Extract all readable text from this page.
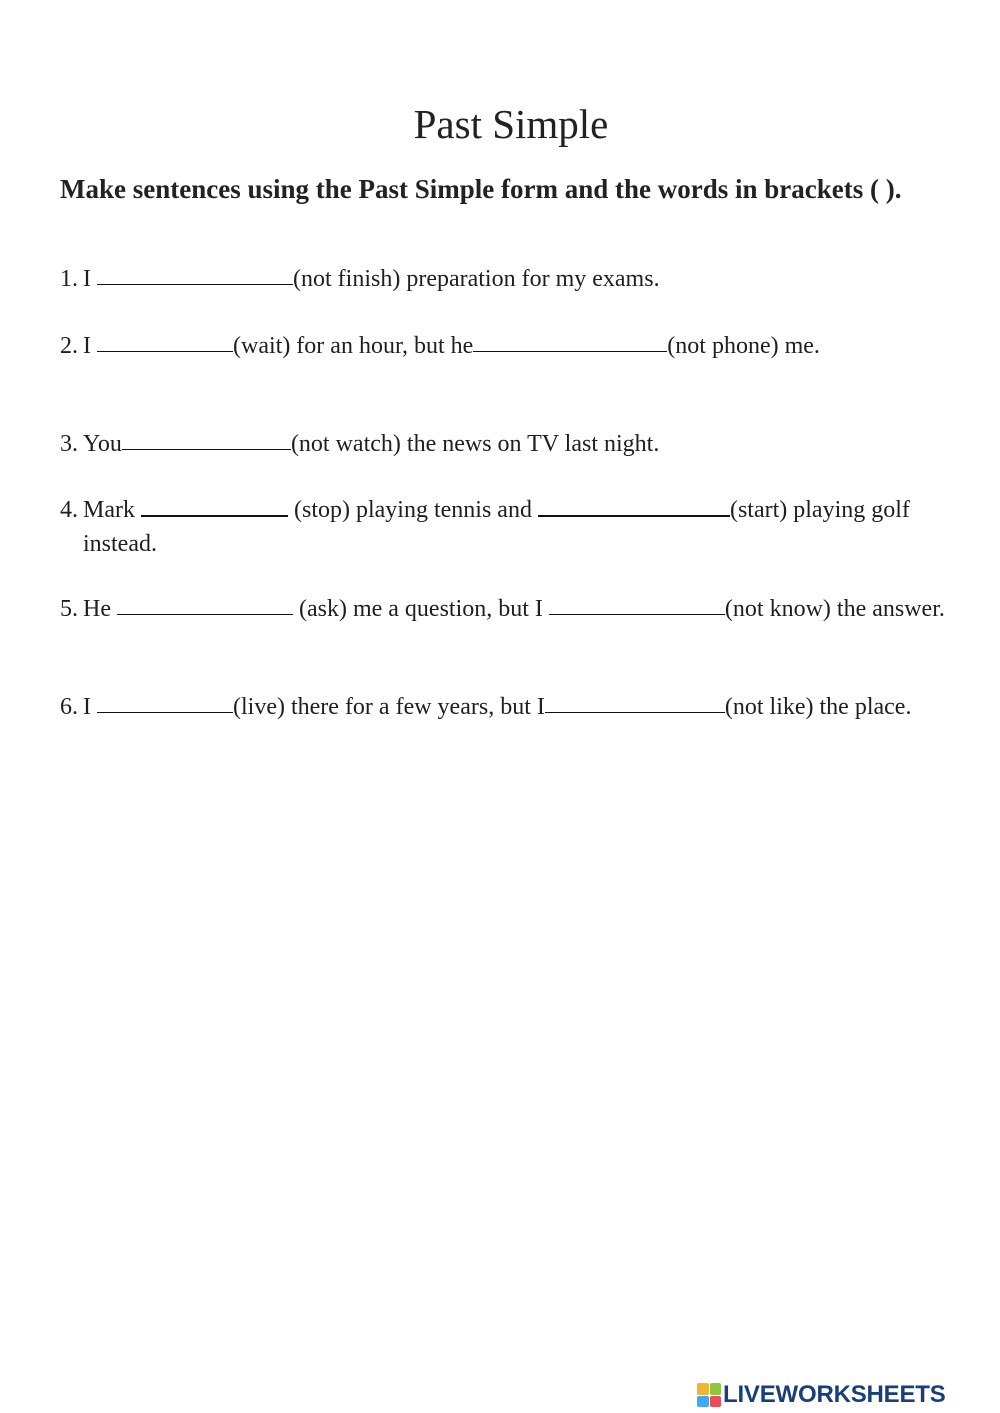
Past Simple

Make sentences using the Past Simple form and the words in brackets ( ).

1. I	(not finish) preparation for my exams.
2. I	(wait) for an hour, but he	(not phone) me.
3. You	(not watch) the news on TV last night.
4. Mark	(stop) playing tennis and	(start) playing golf instead.
5. He	(ask) me a question, but I	(not know) the answer.
6. I	(live) there for a few years, but I	(not like) the place.
LIVEWORKSHEETS
